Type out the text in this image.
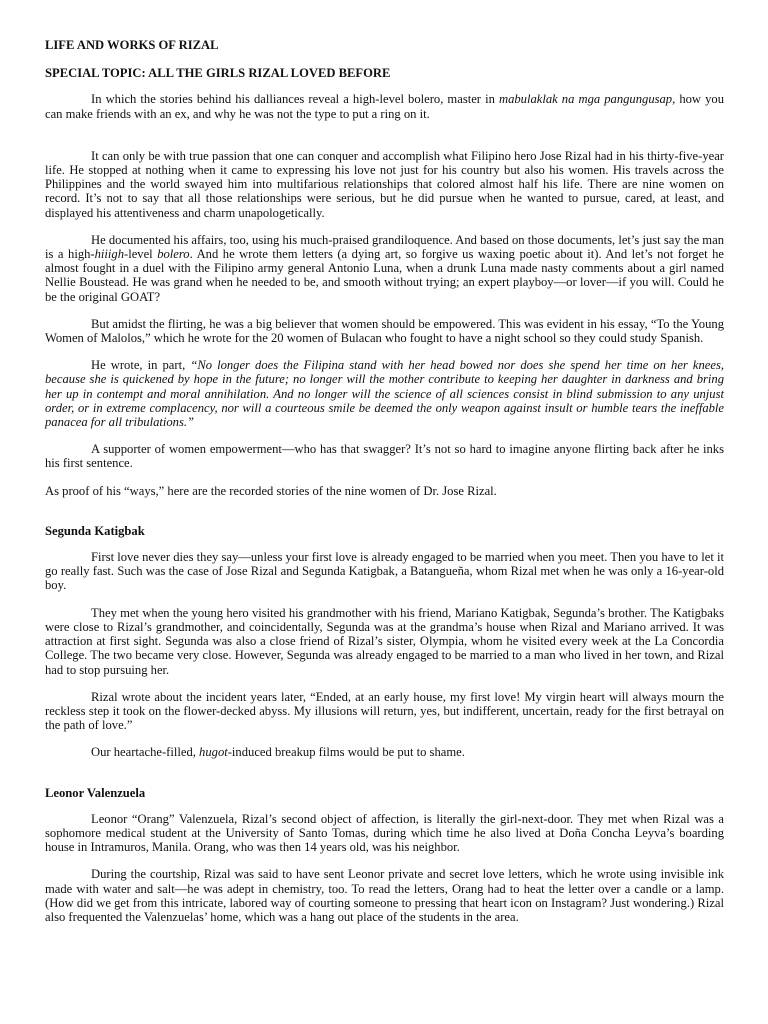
LIFE AND WORKS OF RIZAL
SPECIAL TOPIC: ALL THE GIRLS RIZAL LOVED BEFORE

In which the stories behind his dalliances reveal a high-level bolero, master in mabulaklak na mga pangungusap, how you can make friends with an ex, and why he was not the type to put a ring on it.

It can only be with true passion that one can conquer and accomplish what Filipino hero Jose Rizal had in his thirty-five-year life. He stopped at nothing when it came to expressing his love not just for his country but also his women. His travels across the Philippines and the world swayed him into multifarious relationships that colored almost half his life. There are nine women on record. It’s not to say that all those relationships were serious, but he did pursue when he wanted to pursue, cared, at least, and displayed his attentiveness and charm unapologetically.

He documented his affairs, too, using his much-praised grandiloquence. And based on those documents, let’s just say the man is a high-hiiigh-level bolero. And he wrote them letters (a dying art, so forgive us waxing poetic about it). And let’s not forget he almost fought in a duel with the Filipino army general Antonio Luna, when a drunk Luna made nasty comments about a girl named Nellie Boustead. He was grand when he needed to be, and smooth without trying; an expert playboy—or lover—if you will. Could he be the original GOAT?

But amidst the flirting, he was a big believer that women should be empowered. This was evident in his essay, “To the Young Women of Malolos,” which he wrote for the 20 women of Bulacan who fought to have a night school so they could study Spanish.

He wrote, in part, “No longer does the Filipina stand with her head bowed nor does she spend her time on her knees, because she is quickened by hope in the future; no longer will the mother contribute to keeping her daughter in darkness and bring her up in contempt and moral annihilation. And no longer will the science of all sciences consist in blind submission to any unjust order, or in extreme complacency, nor will a courteous smile be deemed the only weapon against insult or humble tears the ineffable panacea for all tribulations.”

A supporter of women empowerment—who has that swagger? It’s not so hard to imagine anyone flirting back after he inks his first sentence.

As proof of his “ways,” here are the recorded stories of the nine women of Dr. Jose Rizal.

Segunda Katigbak

First love never dies they say—unless your first love is already engaged to be married when you meet. Then you have to let it go really fast. Such was the case of Jose Rizal and Segunda Katigbak, a Batangueña, whom Rizal met when he was only a 16-year-old boy.

They met when the young hero visited his grandmother with his friend, Mariano Katigbak, Segunda’s brother. The Katigbaks were close to Rizal’s grandmother, and coincidentally, Segunda was at the grandma’s house when Rizal and Mariano arrived. It was attraction at first sight. Segunda was also a close friend of Rizal’s sister, Olympia, whom he visited every week at the La Concordia College. The two became very close. However, Segunda was already engaged to be married to a man who lived in her town, and Rizal had to stop pursuing her.

Rizal wrote about the incident years later, “Ended, at an early house, my first love! My virgin heart will always mourn the reckless step it took on the flower-decked abyss. My illusions will return, yes, but indifferent, uncertain, ready for the first betrayal on the path of love.”

Our heartache-filled, hugot-induced breakup films would be put to shame.

Leonor Valenzuela

Leonor “Orang” Valenzuela, Rizal’s second object of affection, is literally the girl-next-door. They met when Rizal was a sophomore medical student at the University of Santo Tomas, during which time he also lived at Doña Concha Leyva’s boarding house in Intramuros, Manila. Orang, who was then 14 years old, was his neighbor.

During the courtship, Rizal was said to have sent Leonor private and secret love letters, which he wrote using invisible ink made with water and salt—he was adept in chemistry, too. To read the letters, Orang had to heat the letter over a candle or a lamp. (How did we get from this intricate, labored way of courting someone to pressing that heart icon on Instagram? Just wondering.) Rizal also frequented the Valenzuelas’ home, which was a hang out place of the students in the area.
